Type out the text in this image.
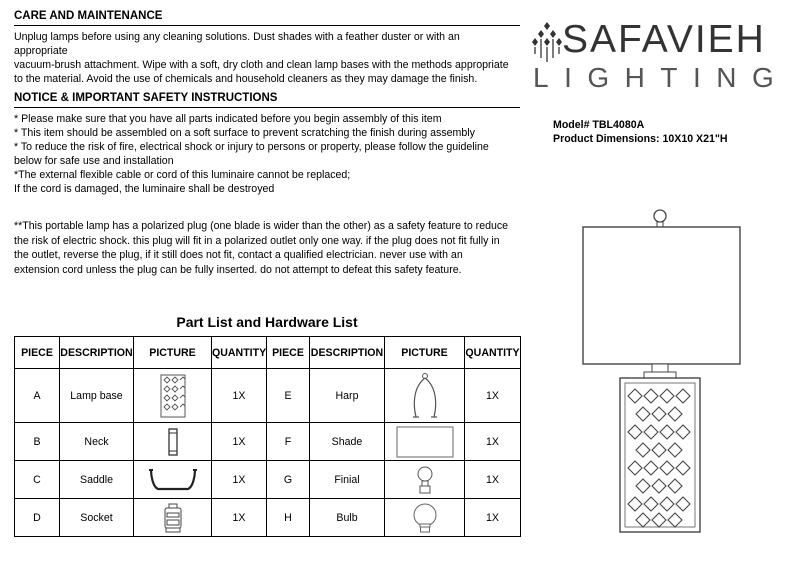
CARE AND MAINTENANCE
Unplug lamps before using any cleaning solutions. Dust shades with a feather duster or with an
appropriate
vacuum-brush attachment. Wipe with a soft, dry cloth and clean lamp bases with the methods appropriate
to the material. Avoid the use of chemicals and household cleaners as they may damage the finish.
NOTICE & IMPORTANT SAFETY INSTRUCTIONS
* Please make sure that you have all parts indicated before you begin assembly of this item
* This item should be assembled on a soft surface to prevent scratching the finish during assembly
* To reduce the risk of fire, electrical shock or injury to persons or property, please follow the guideline
below for safe use and installation
*The external flexible cable or cord of this luminaire cannot be replaced;
If the cord is damaged, the luminaire shall be destroyed
**This portable lamp has a polarized plug (one blade is wider than the other) as a safety feature to reduce
the risk of electric shock. this plug will fit in a polarized outlet only one way. if the plug does not fit fully in
the outlet, reverse the plug, if it still does not fit, contact a qualified electrician. never use with an
extension cord unless the plug can be fully inserted. do not attempt to defeat this safety feature.
Part List and Hardware List
PIECE	DESCRIPTION	PICTURE	QUANTITY	PIECE	DESCRIPTION	PICTURE	QUANTITY
A	Lamp base		1X	E	Harp		1X
B	Neck		1X	F	Shade		1X
C	Saddle		1X	G	Finial		1X
D	Socket		1X	H	Bulb		1X
SAFAVIEH
LIGHTING
Model# TBL4080A
Product Dimensions: 10X10 X21"H
